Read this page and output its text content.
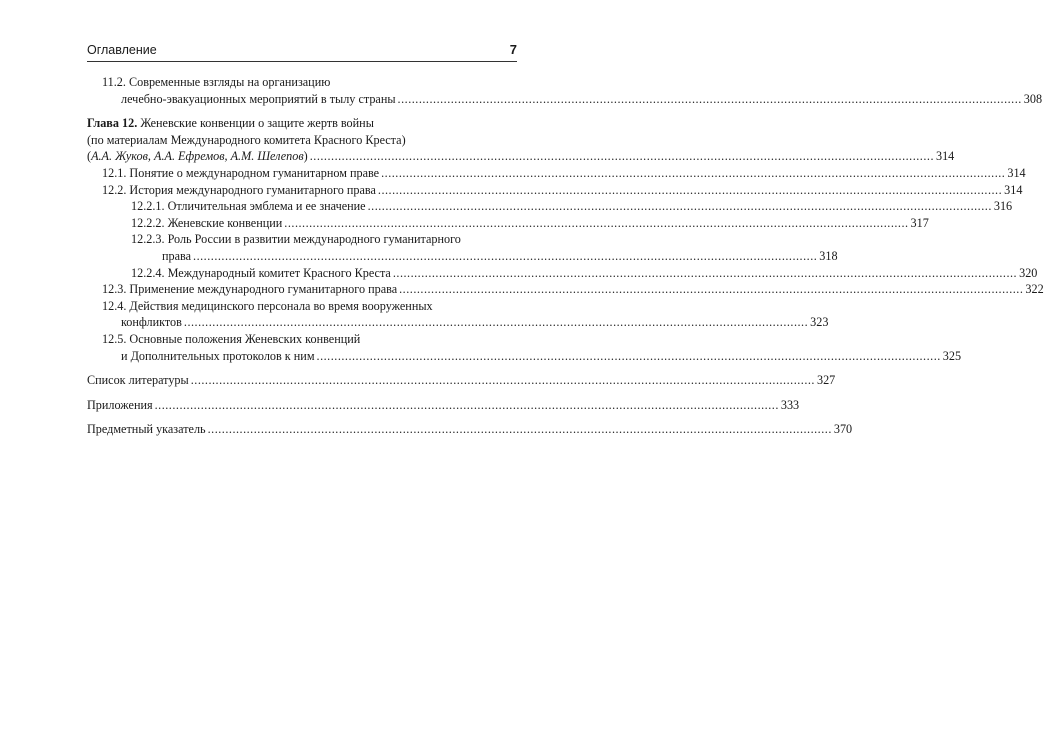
Оглавление	7
11.2. Современные взгляды на организацию
лечебно-эвакуационных мероприятий в тылу страны .....	308
Глава 12. Женевские конвенции о защите жертв войны
(по материалам Международного комитета Красного Креста)
(А.А. Жуков, А.А. Ефремов, А.М. Шелепов) .....	314
12.1. Понятие о международном гуманитарном праве .....	314
12.2. История международного гуманитарного права .....	314
12.2.1. Отличительная эмблема и ее значение .....	316
12.2.2. Женевские конвенции .....	317
12.2.3. Роль России в развитии международного гуманитарного
права .....	318
12.2.4. Международный комитет Красного Креста .....	320
12.3. Применение международного гуманитарного права .....	322
12.4. Действия медицинского персонала во время вооруженных
конфликтов .....	323
12.5. Основные положения Женевских конвенций
и Дополнительных протоколов к ним .....	325
Список литературы .....	327
Приложения .....	333
Предметный указатель .....	370
